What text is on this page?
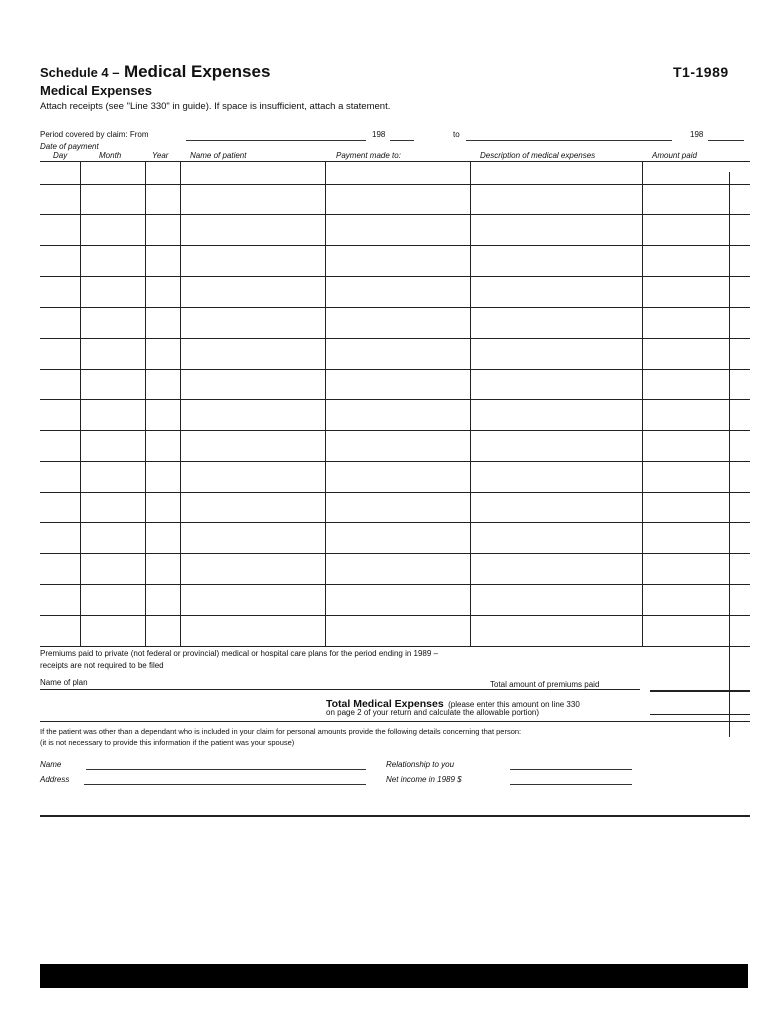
Schedule 4 – Medical Expenses	T1-1989
Medical Expenses
Attach receipts (see "Line 330" in guide). If space is insufficient, attach a statement.
Period covered by claim: From	198	to	198
Date of payment
Day	Month	Year	Name of patient	Payment made to:	Description of medical expenses	Amount paid
Premiums paid to private (not federal or provincial) medical or hospital care plans for the period ending in 1989 –
receipts are not required to be filed
Name of plan	Total amount of premiums paid
Total Medical Expenses (please enter this amount on line 330
on page 2 of your return and calculate the allowable portion)
If the patient was other than a dependant who is included in your claim for personal amounts provide the following details concerning that person:
(it is not necessary to provide this information if the patient was your spouse)
Name	Relationship to you
Address	Net income in 1989 $
